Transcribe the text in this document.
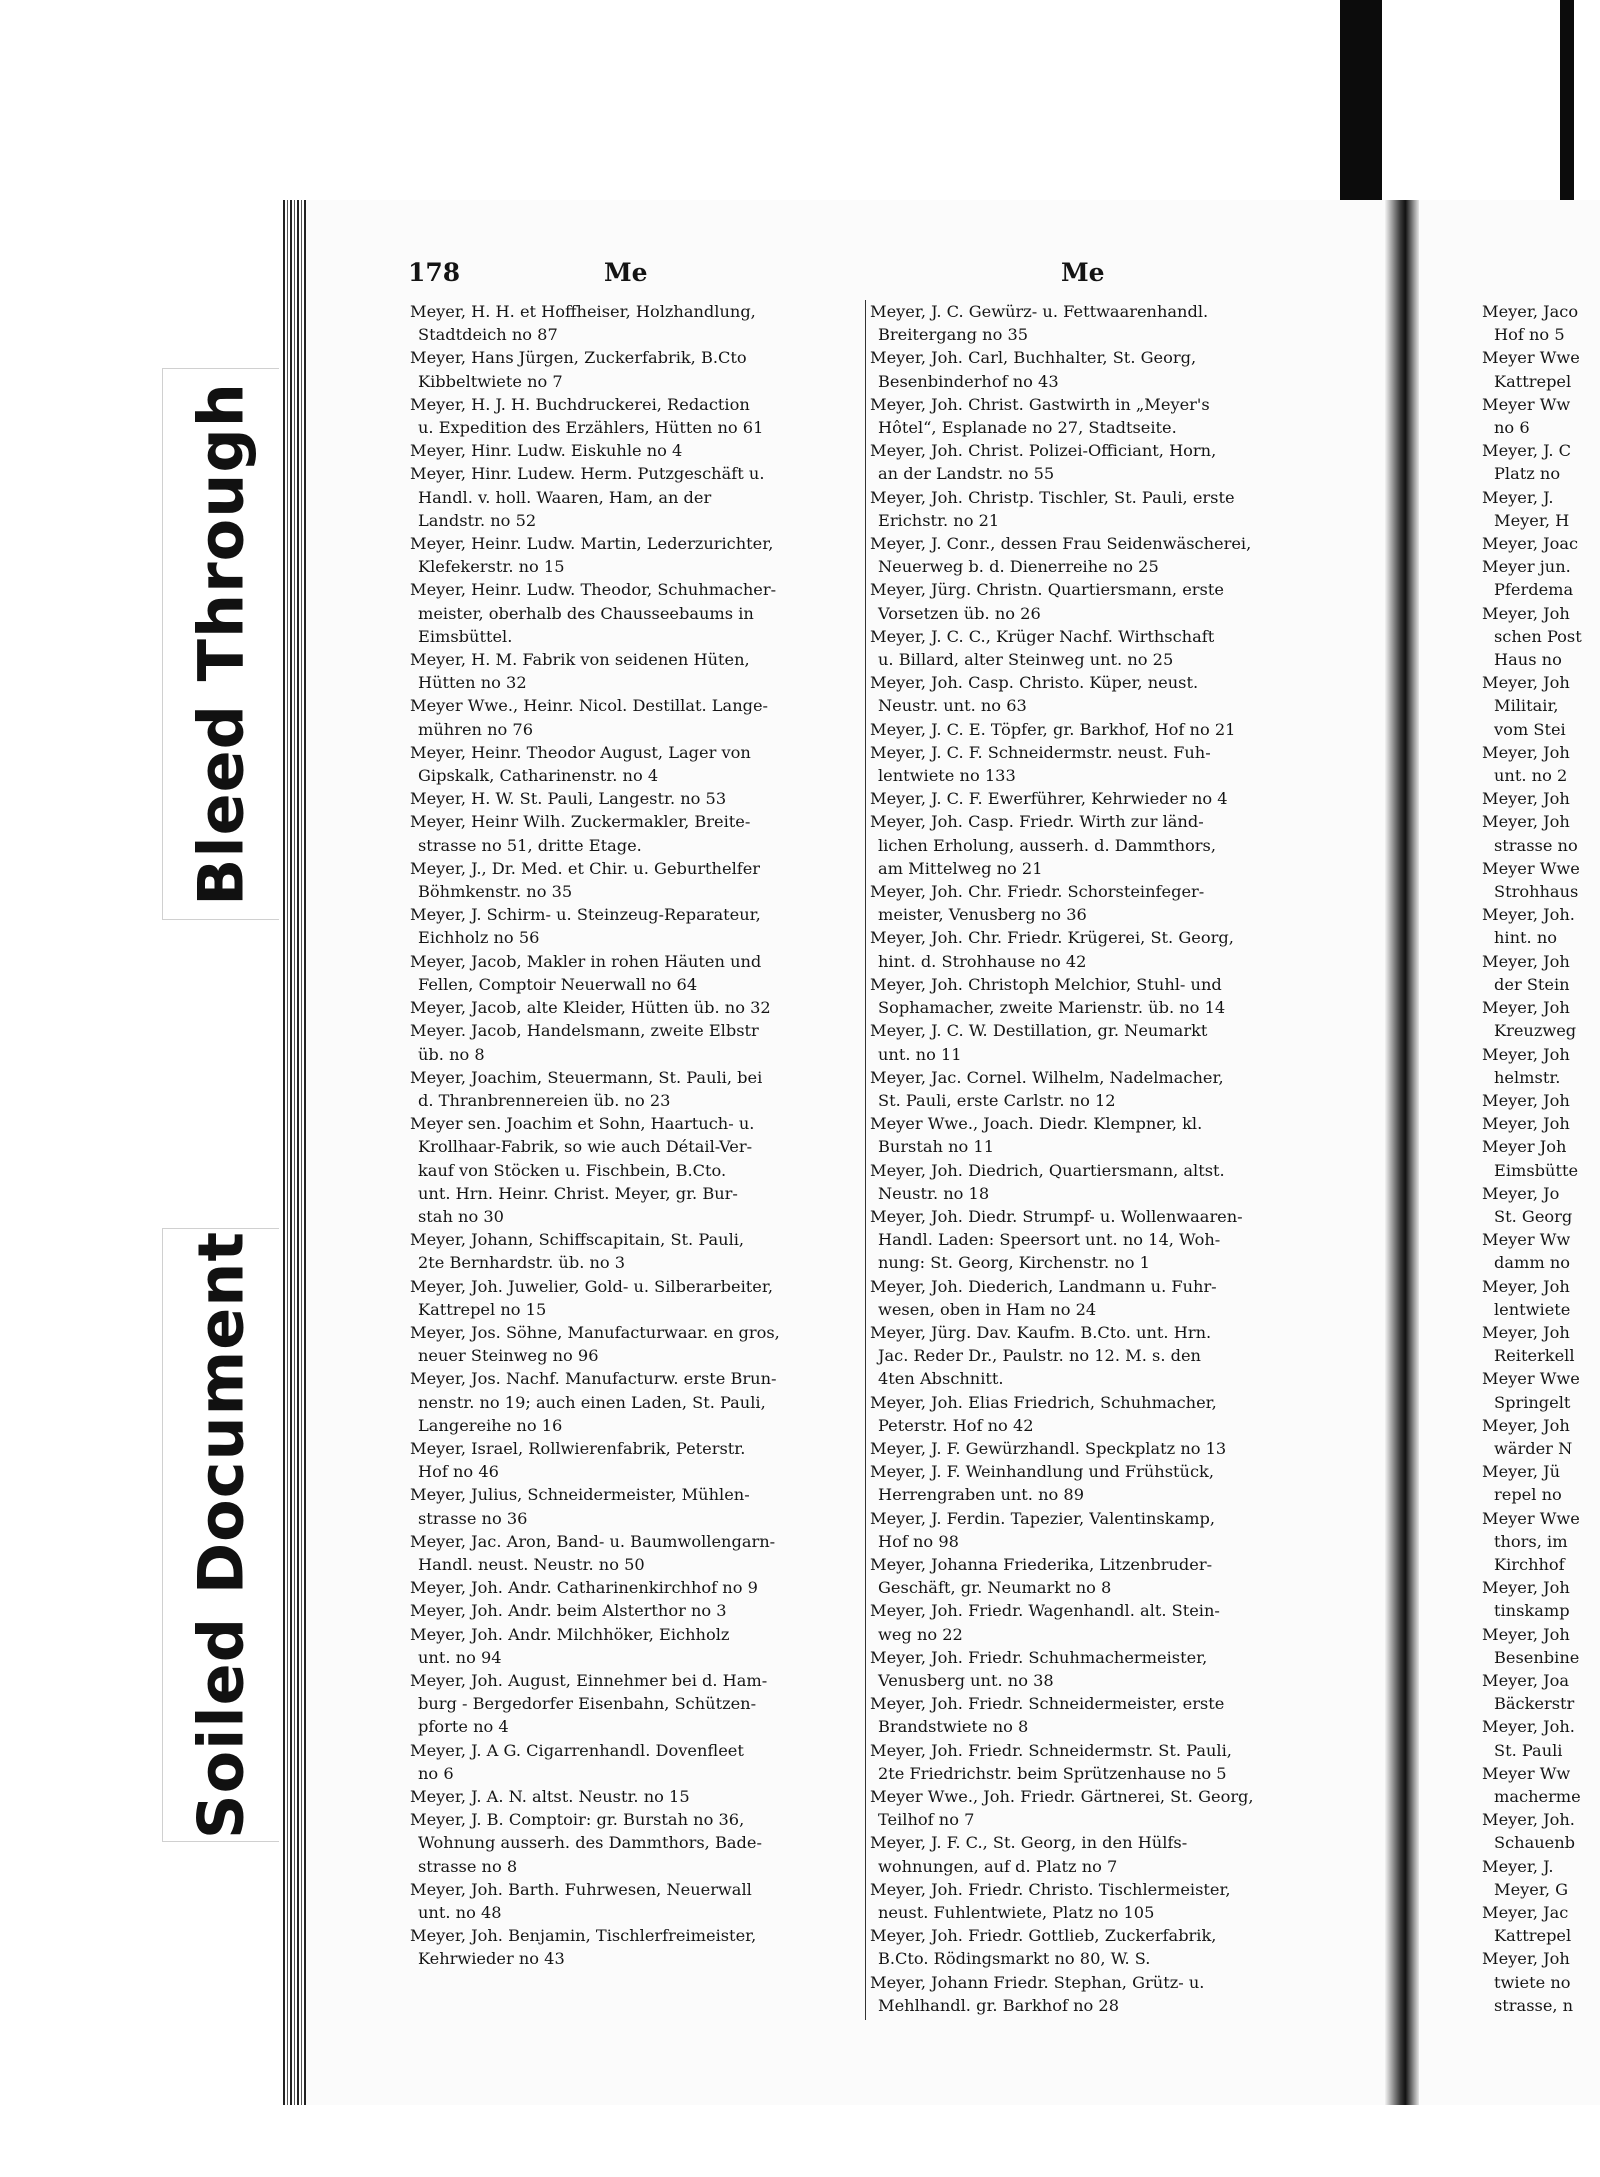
Bleed Through
Soiled Document
178	Me	Me
Meyer, H. H. et Hoffheiser, Holzhandlung,
Stadtdeich no 87
Meyer, Hans Jürgen, Zuckerfabrik, B.Cto
Kibbeltwiete no 7
Meyer, H. J. H. Buchdruckerei, Redaction
u. Expedition des Erzählers, Hütten no 61
Meyer, Hinr. Ludw. Eiskuhle no 4
Meyer, Hinr. Ludew. Herm. Putzgeschäft u.
Handl. v. holl. Waaren, Ham, an der
Landstr. no 52
Meyer, Heinr. Ludw. Martin, Lederzurichter,
Klefekerstr. no 15
Meyer, Heinr. Ludw. Theodor, Schuhmacher-
meister, oberhalb des Chausseebaums in
Eimsbüttel.
Meyer, H. M. Fabrik von seidenen Hüten,
Hütten no 32
Meyer Wwe., Heinr. Nicol. Destillat. Lange-
mühren no 76
Meyer, Heinr. Theodor August, Lager von
Gipskalk, Catharinenstr. no 4
Meyer, H. W. St. Pauli, Langestr. no 53
Meyer, Heinr Wilh. Zuckermakler, Breite-
strasse no 51, dritte Etage.
Meyer, J., Dr. Med. et Chir. u. Geburthelfer
Böhmkenstr. no 35
Meyer, J. Schirm- u. Steinzeug-Reparateur,
Eichholz no 56
Meyer, Jacob, Makler in rohen Häuten und
Fellen, Comptoir Neuerwall no 64
Meyer, Jacob, alte Kleider, Hütten üb. no 32
Meyer. Jacob, Handelsmann, zweite Elbstr
üb. no 8
Meyer, Joachim, Steuermann, St. Pauli, bei
d. Thranbrennereien üb. no 23
Meyer sen. Joachim et Sohn, Haartuch- u.
Krollhaar-Fabrik, so wie auch Détail-Ver-
kauf von Stöcken u. Fischbein, B.Cto.
unt. Hrn. Heinr. Christ. Meyer, gr. Bur-
stah no 30
Meyer, Johann, Schiffscapitain, St. Pauli,
2te Bernhardstr. üb. no 3
Meyer, Joh. Juwelier, Gold- u. Silberarbeiter,
Kattrepel no 15
Meyer, Jos. Söhne, Manufacturwaar. en gros,
neuer Steinweg no 96
Meyer, Jos. Nachf. Manufacturw. erste Brun-
nenstr. no 19; auch einen Laden, St. Pauli,
Langereihe no 16
Meyer, Israel, Rollwierenfabrik, Peterstr.
Hof no 46
Meyer, Julius, Schneidermeister, Mühlen-
strasse no 36
Meyer, Jac. Aron, Band- u. Baumwollengarn-
Handl. neust. Neustr. no 50
Meyer, Joh. Andr. Catharinenkirchhof no 9
Meyer, Joh. Andr. beim Alsterthor no 3
Meyer, Joh. Andr. Milchhöker, Eichholz
unt. no 94
Meyer, Joh. August, Einnehmer bei d. Ham-
burg - Bergedorfer Eisenbahn, Schützen-
pforte no 4
Meyer, J. A G. Cigarrenhandl. Dovenfleet
no 6
Meyer, J. A. N. altst. Neustr. no 15
Meyer, J. B. Comptoir: gr. Burstah no 36,
Wohnung ausserh. des Dammthors, Bade-
strasse no 8
Meyer, Joh. Barth. Fuhrwesen, Neuerwall
unt. no 48
Meyer, Joh. Benjamin, Tischlerfreimeister,
Kehrwieder no 43
Meyer, J. C. Gewürz- u. Fettwaarenhandl.
Breitergang no 35
Meyer, Joh. Carl, Buchhalter, St. Georg,
Besenbinderhof no 43
Meyer, Joh. Christ. Gastwirth in „Meyer's
Hôtel“, Esplanade no 27, Stadtseite.
Meyer, Joh. Christ. Polizei-Officiant, Horn,
an der Landstr. no 55
Meyer, Joh. Christp. Tischler, St. Pauli, erste
Erichstr. no 21
Meyer, J. Conr., dessen Frau Seidenwäscherei,
Neuerweg b. d. Dienerreihe no 25
Meyer, Jürg. Christn. Quartiersmann, erste
Vorsetzen üb. no 26
Meyer, J. C. C., Krüger Nachf. Wirthschaft
u. Billard, alter Steinweg unt. no 25
Meyer, Joh. Casp. Christo. Küper, neust.
Neustr. unt. no 63
Meyer, J. C. E. Töpfer, gr. Barkhof, Hof no 21
Meyer, J. C. F. Schneidermstr. neust. Fuh-
lentwiete no 133
Meyer, J. C. F. Ewerführer, Kehrwieder no 4
Meyer, Joh. Casp. Friedr. Wirth zur länd-
lichen Erholung, ausserh. d. Dammthors,
am Mittelweg no 21
Meyer, Joh. Chr. Friedr. Schorsteinfeger-
meister, Venusberg no 36
Meyer, Joh. Chr. Friedr. Krügerei, St. Georg,
hint. d. Strohhause no 42
Meyer, Joh. Christoph Melchior, Stuhl- und
Sophamacher, zweite Marienstr. üb. no 14
Meyer, J. C. W. Destillation, gr. Neumarkt
unt. no 11
Meyer, Jac. Cornel. Wilhelm, Nadelmacher,
St. Pauli, erste Carlstr. no 12
Meyer Wwe., Joach. Diedr. Klempner, kl.
Burstah no 11
Meyer, Joh. Diedrich, Quartiersmann, altst.
Neustr. no 18
Meyer, Joh. Diedr. Strumpf- u. Wollenwaaren-
Handl. Laden: Speersort unt. no 14, Woh-
nung: St. Georg, Kirchenstr. no 1
Meyer, Joh. Diederich, Landmann u. Fuhr-
wesen, oben in Ham no 24
Meyer, Jürg. Dav. Kaufm. B.Cto. unt. Hrn.
Jac. Reder Dr., Paulstr. no 12. M. s. den
4ten Abschnitt.
Meyer, Joh. Elias Friedrich, Schuhmacher,
Peterstr. Hof no 42
Meyer, J. F. Gewürzhandl. Speckplatz no 13
Meyer, J. F. Weinhandlung und Frühstück,
Herrengraben unt. no 89
Meyer, J. Ferdin. Tapezier, Valentinskamp,
Hof no 98
Meyer, Johanna Friederika, Litzenbruder-
Geschäft, gr. Neumarkt no 8
Meyer, Joh. Friedr. Wagenhandl. alt. Stein-
weg no 22
Meyer, Joh. Friedr. Schuhmachermeister,
Venusberg unt. no 38
Meyer, Joh. Friedr. Schneidermeister, erste
Brandstwiete no 8
Meyer, Joh. Friedr. Schneidermstr. St. Pauli,
2te Friedrichstr. beim Sprützenhause no 5
Meyer Wwe., Joh. Friedr. Gärtnerei, St. Georg,
Teilhof no 7
Meyer, J. F. C., St. Georg, in den Hülfs-
wohnungen, auf d. Platz no 7
Meyer, Joh. Friedr. Christo. Tischlermeister,
neust. Fuhlentwiete, Platz no 105
Meyer, Joh. Friedr. Gottlieb, Zuckerfabrik,
B.Cto. Rödingsmarkt no 80, W. S.
Meyer, Johann Friedr. Stephan, Grütz- u.
Mehlhandl. gr. Barkhof no 28
Meyer, Jaco
Hof no 5
Meyer Wwe
Kattrepel
Meyer Ww
no 6
Meyer, J. C
Platz no
Meyer, J.
Meyer, H
Meyer, Joac
Meyer jun.
Pferdema
Meyer, Joh
schen Post
Haus no
Meyer, Joh
Militair,
vom Stei
Meyer, Joh
unt. no 2
Meyer, Joh
Meyer, Joh
strasse no
Meyer Wwe
Strohhaus
Meyer, Joh.
hint. no
Meyer, Joh
der Stein
Meyer, Joh
Kreuzweg
Meyer, Joh
helmstr.
Meyer, Joh
Meyer, Joh
Meyer Joh
Eimsbütte
Meyer, Jo
St. Georg
Meyer Ww
damm no
Meyer, Joh
lentwiete
Meyer, Joh
Reiterkell
Meyer Wwe
Springelt
Meyer, Joh
wärder N
Meyer, Jü
repel no
Meyer Wwe
thors, im
Kirchhof
Meyer, Joh
tinskamp
Meyer, Joh
Besenbine
Meyer, Joa
Bäckerstr
Meyer, Joh.
St. Pauli
Meyer Ww
macherme
Meyer, Joh.
Schauenb
Meyer, J.
Meyer, G
Meyer, Jac
Kattrepel
Meyer, Joh
twiete no
strasse, n
